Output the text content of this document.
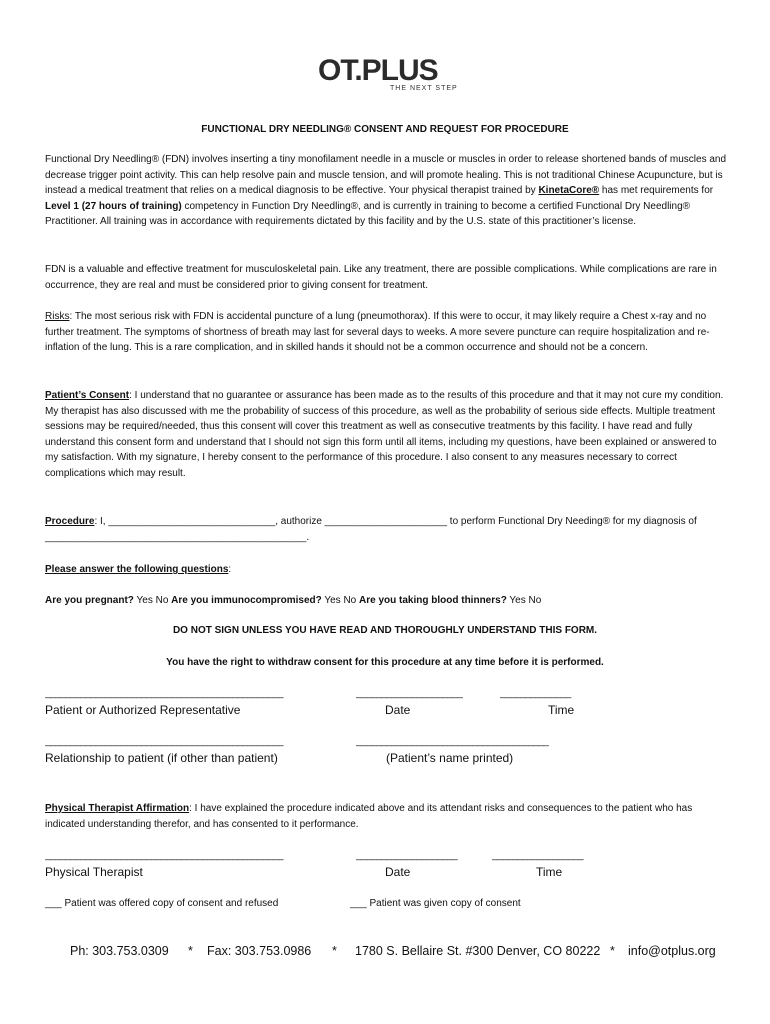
OT.PLUS
THE NEXT STEP
FUNCTIONAL DRY NEEDLING® CONSENT AND REQUEST FOR PROCEDURE
Functional Dry Needling® (FDN) involves inserting a tiny monofilament needle in a muscle or muscles in order to release shortened bands of muscles and decrease trigger point activity. This can help resolve pain and muscle tension, and will promote healing. This is not traditional Chinese Acupuncture, but is instead a medical treatment that relies on a medical diagnosis to be effective. Your physical therapist trained by KinetaCore® has met requirements for Level 1 (27 hours of training) competency in Function Dry Needling®, and is currently in training to become a certified Functional Dry Needling® Practitioner. All training was in accordance with requirements dictated by this facility and by the U.S. state of this practitioner’s license.
FDN is a valuable and effective treatment for musculoskeletal pain. Like any treatment, there are possible complications. While complications are rare in occurrence, they are real and must be considered prior to giving consent for treatment.
Risks: The most serious risk with FDN is accidental puncture of a lung (pneumothorax). If this were to occur, it may likely require a Chest x-ray and no further treatment. The symptoms of shortness of breath may last for several days to weeks. A more severe puncture can require hospitalization and re-inflation of the lung. This is a rare complication, and in skilled hands it should not be a common occurrence and should not be a concern.
Patient’s Consent: I understand that no guarantee or assurance has been made as to the results of this procedure and that it may not cure my condition. My therapist has also discussed with me the probability of success of this procedure, as well as the probability of serious side effects. Multiple treatment sessions may be required/needed, thus this consent will cover this treatment as well as consecutive treatments by this facility. I have read and fully understand this consent form and understand that I should not sign this form until all items, including my questions, have been explained or answered to my satisfaction. With my signature, I hereby consent to the performance of this procedure. I also consent to any measures necessary to correct complications which may result.
Procedure: I, ______________________________, authorize ______________________ to perform Functional Dry Needing® for my diagnosis of _______________________________________________.
Please answer the following questions:
Are you pregnant? Yes No Are you immunocompromised? Yes No Are you taking blood thinners? Yes No
DO NOT SIGN UNLESS YOU HAVE READ AND THOROUGHLY UNDERSTAND THIS FORM.
You have the right to withdraw consent for this procedure at any time before it is performed.
_______________________________________________	_____________________	______________
Patient or Authorized Representative	Date	Time
_______________________________________________	______________________________________
Relationship to patient (if other than patient)	(Patient’s name printed)
Physical Therapist Affirmation: I have explained the procedure indicated above and its attendant risks and consequences to the patient who has indicated understanding therefor, and has consented to it performance.
_______________________________________________	____________________	__________________
Physical Therapist	Date	Time
___ Patient was offered copy of consent and refused	___ Patient was given copy of consent
Ph: 303.753.0309 * Fax: 303.753.0986 * 1780 S. Bellaire St. #300 Denver, CO 80222 * info@otplus.org
